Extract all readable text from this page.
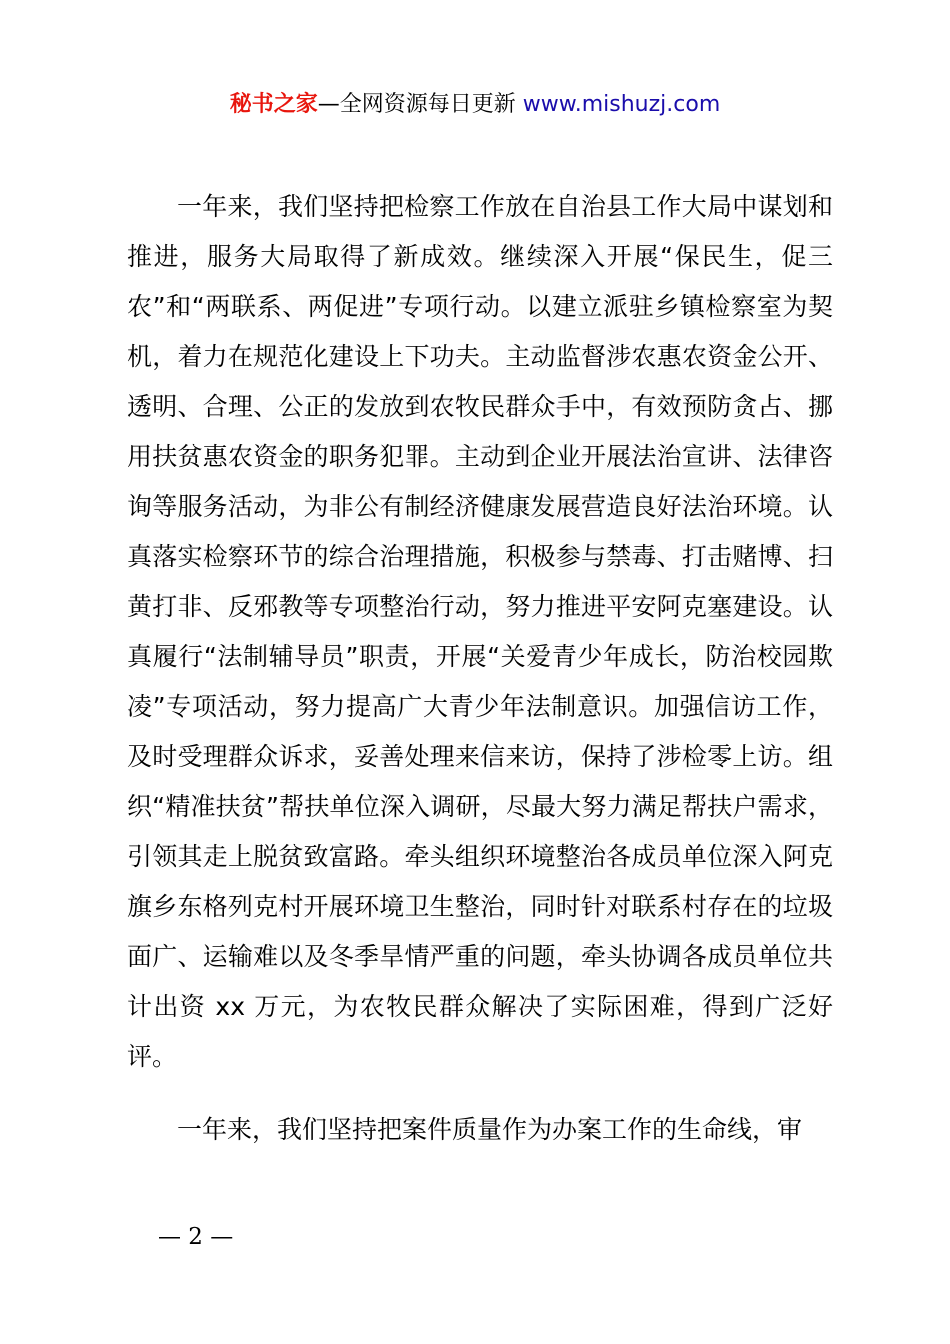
秘书之家—全网资源每日更新 www.mishuzj.com

一年来，我们坚持把检察工作放在自治县工作大局中谋划和推进，服务大局取得了新成效。继续深入开展“保民生，促三农”和“两联系、两促进”专项行动。以建立派驻乡镇检察室为契机，着力在规范化建设上下功夫。主动监督涉农惠农资金公开、透明、合理、公正的发放到农牧民群众手中，有效预防贪占、挪用扶贫惠农资金的职务犯罪。主动到企业开展法治宣讲、法律咨询等服务活动，为非公有制经济健康发展营造良好法治环境。认真落实检察环节的综合治理措施，积极参与禁毒、打击赌博、扫黄打非、反邪教等专项整治行动，努力推进平安阿克塞建设。认真履行“法制辅导员”职责，开展“关爱青少年成长，防治校园欺凌”专项活动，努力提高广大青少年法制意识。加强信访工作，及时受理群众诉求，妥善处理来信来访，保持了涉检零上访。组织“精准扶贫”帮扶单位深入调研，尽最大努力满足帮扶户需求，引领其走上脱贫致富路。牵头组织环境整治各成员单位深入阿克旗乡东格列克村开展环境卫生整治，同时针对联系村存在的垃圾面广、运输难以及冬季旱情严重的问题，牵头协调各成员单位共计出资 xx 万元，为农牧民群众解决了实际困难，得到广泛好评。

一年来，我们坚持把案件质量作为办案工作的生命线，审

— 2 —
